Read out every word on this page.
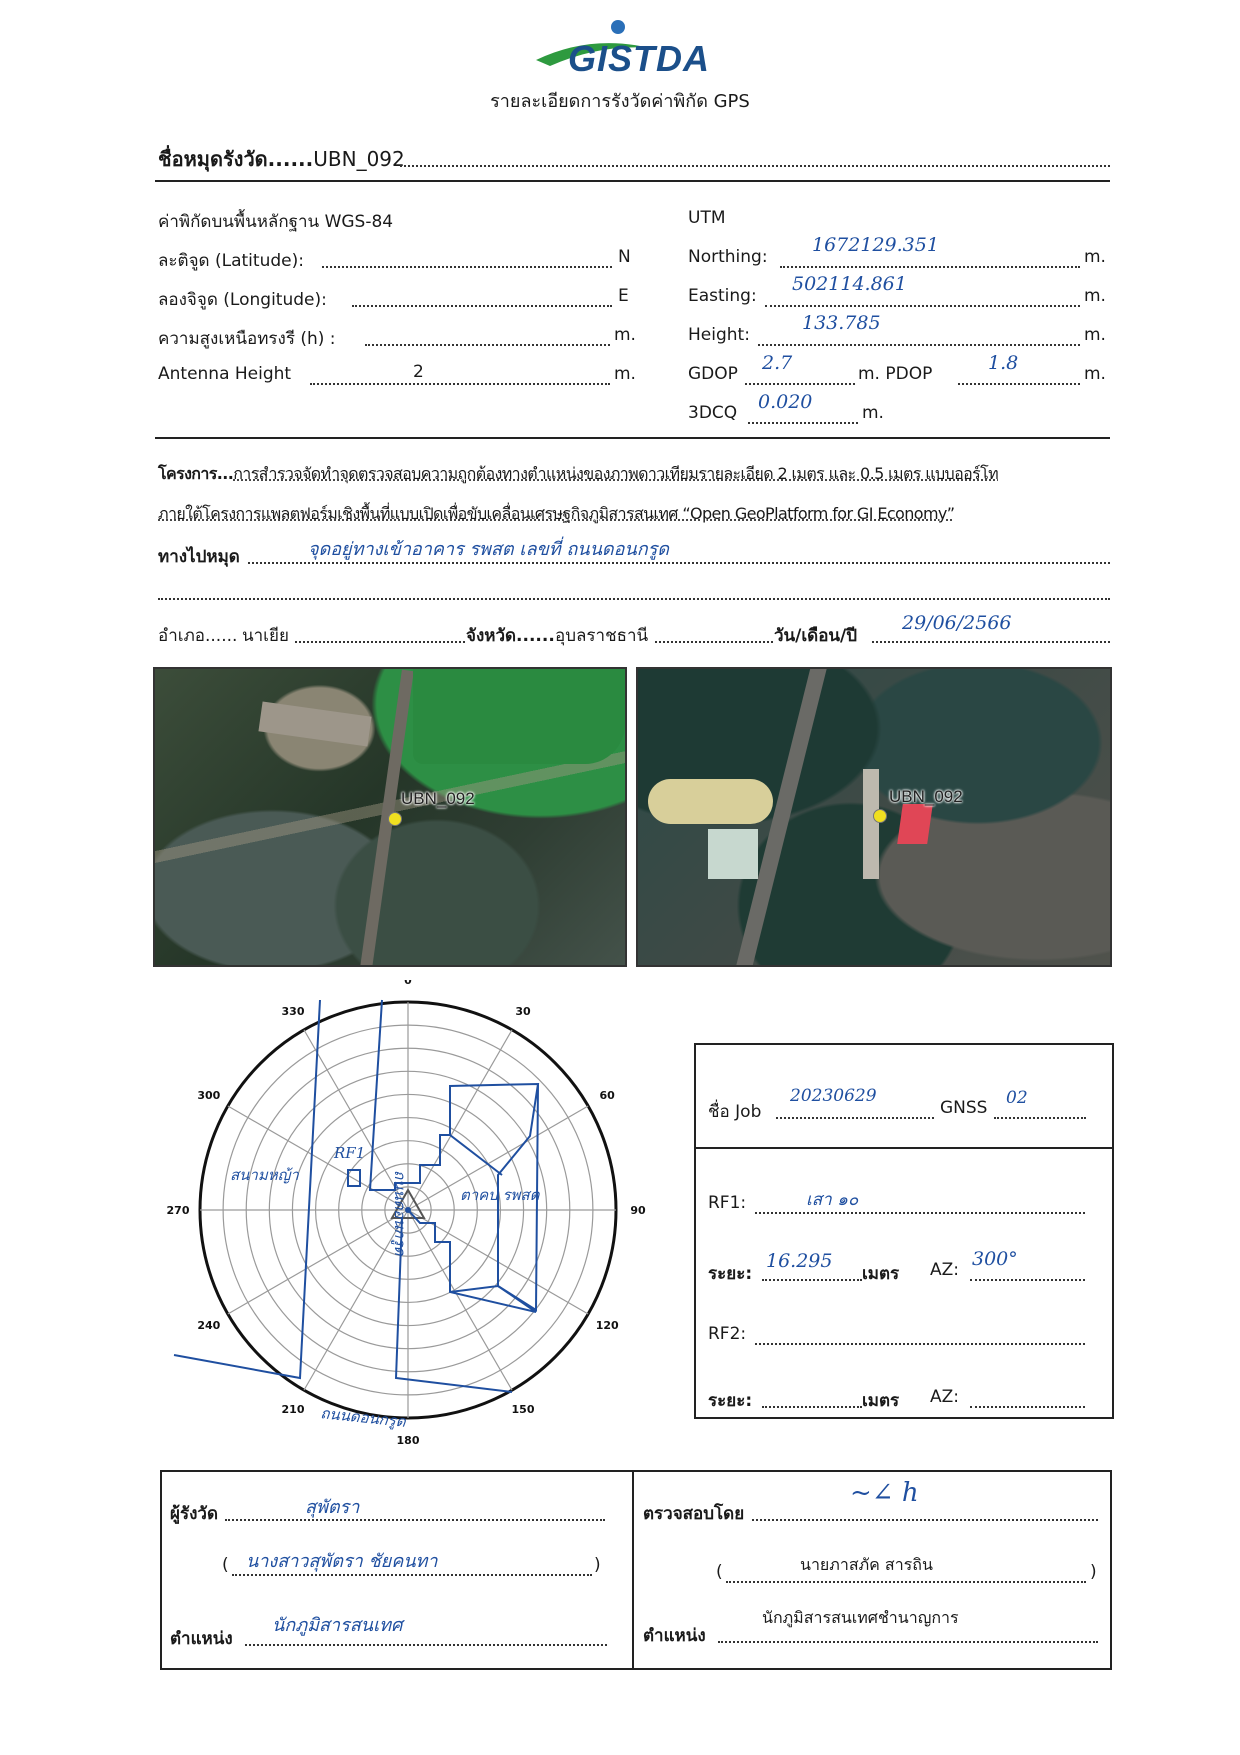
GISTDA
รายละเอียดการรังวัดค่าพิกัด GPS
ชื่อหมุดรังวัด......UBN_092
ค่าพิกัดบนพื้นหลักฐาน WGS-84
ละติจูด (Latitude):	N
ลองจิจูด (Longitude):	E
ความสูงเหนือทรงรี (h) :	m.
Antenna Height	2	m.
UTM
Northing:
1672129.351
m.
Easting:
502114.861
m.
Height:
133.785
m.
GDOP 2.7	m. PDOP	1.8	m.
3DCQ 0.020	m.
โครงการ...การสำรวจจัดทำจุดตรวจสอบความถูกต้องทางตำแหน่งของภาพดาวเทียมรายละเอียด 2 เมตร และ 0.5 เมตร แบบออร์โท
ภายใต้โครงการแพลตฟอร์มเชิงพื้นที่แบบเปิดเพื่อขับเคลื่อนเศรษฐกิจภูมิสารสนเทศ “Open GeoPlatform for GI Economy”
ทางไปหมุด	จุดอยู่ทางเข้าอาคาร รพสต เลขที่ ถนนดอนกรูด
อำเภอ...... นาเยีย	จังหวัด...... อุบลราชธานี	วัน/เดือน/ปี
29/06/2566
UBN_092	UBN_092
0
30
60
90
120
150
180
210
240
270
300
330
สนามหญ้า
RF1
ตาคบ รพสต
ถนนดอนกรูด
ถนนดอนกรูด
ชื่อ Job
20230629
GNSS 02
RF1:	เสา ๑๐
ระยะ:
16.295
เมตร AZ: 300°
RF2:
ระยะ:	เมตร AZ:
ผู้รังวัด	สุพัตรา
( นางสาวสุพัตรา ชัยคนทา	)
ตำแหน่ง
นักภูมิสารสนเทศ
ตรวจสอบโดย
~∠ h
(	นายภาสภัค สารถิน	)
ตำแหน่ง
นักภูมิสารสนเทศชำนาญการ
